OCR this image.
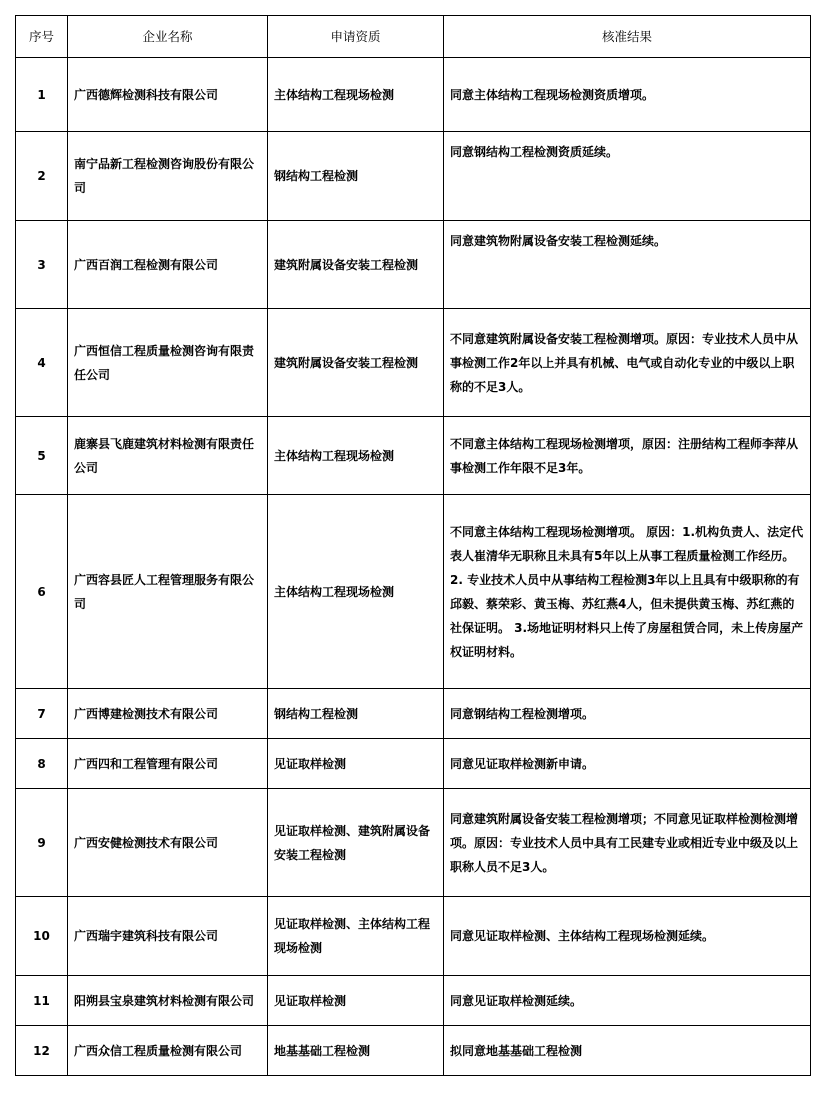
序号	企业名称	申请资质	核准结果
1	广西德辉检测科技有限公司	主体结构工程现场检测	同意主体结构工程现场检测资质增项。
2	南宁品新工程检测咨询股份有限公司	钢结构工程检测	同意钢结构工程检测资质延续。
3	广西百润工程检测有限公司	建筑附属设备安装工程检测	同意建筑物附属设备安装工程检测延续。
4	广西恒信工程质量检测咨询有限责任公司	建筑附属设备安装工程检测	不同意建筑附属设备安装工程检测增项。原因：专业技术人员中从事检测工作2年以上并具有机械、电气或自动化专业的中级以上职称的不足3人。
5	鹿寨县飞鹿建筑材料检测有限责任公司	主体结构工程现场检测	不同意主体结构工程现场检测增项，原因：注册结构工程师李萍从事检测工作年限不足3年。
6	广西容县匠人工程管理服务有限公司	主体结构工程现场检测	不同意主体结构工程现场检测增项。 原因：1.机构负责人、法定代表人崔清华无职称且未具有5年以上从事工程质量检测工作经历。 2. 专业技术人员中从事结构工程检测3年以上且具有中级职称的有邱毅、蔡荣彩、黄玉梅、苏红燕4人，但未提供黄玉梅、苏红燕的社保证明。 3.场地证明材料只上传了房屋租赁合同，未上传房屋产权证明材料。
7	广西博建检测技术有限公司	钢结构工程检测	同意钢结构工程检测增项。
8	广西四和工程管理有限公司	见证取样检测	同意见证取样检测新申请。
9	广西安健检测技术有限公司	见证取样检测、建筑附属设备安装工程检测	同意建筑附属设备安装工程检测增项；不同意见证取样检测检测增项。原因：专业技术人员中具有工民建专业或相近专业中级及以上职称人员不足3人。
10	广西瑞宇建筑科技有限公司	见证取样检测、主体结构工程现场检测	同意见证取样检测、主体结构工程现场检测延续。
11	阳朔县宝泉建筑材料检测有限公司	见证取样检测	同意见证取样检测延续。
12	广西众信工程质量检测有限公司	地基基础工程检测	拟同意地基基础工程检测
